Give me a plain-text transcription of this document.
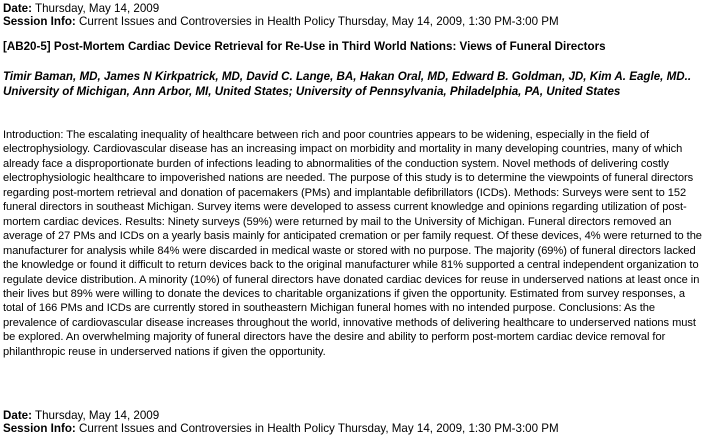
Date: Thursday, May 14, 2009
Session Info: Current Issues and Controversies in Health Policy Thursday, May 14, 2009, 1:30 PM-3:00 PM
[AB20-5] Post-Mortem Cardiac Device Retrieval for Re-Use in Third World Nations: Views of Funeral Directors
Timir Baman, MD, James N Kirkpatrick, MD, David C. Lange, BA, Hakan Oral, MD, Edward B. Goldman, JD, Kim A. Eagle, MD.. University of Michigan, Ann Arbor, MI, United States; University of Pennsylvania, Philadelphia, PA, United States
Introduction: The escalating inequality of healthcare between rich and poor countries appears to be widening, especially in the field of electrophysiology. Cardiovascular disease has an increasing impact on morbidity and mortality in many developing countries, many of which already face a disproportionate burden of infections leading to abnormalities of the conduction system. Novel methods of delivering costly electrophysiologic healthcare to impoverished nations are needed. The purpose of this study is to determine the viewpoints of funeral directors regarding post-mortem retrieval and donation of pacemakers (PMs) and implantable defibrillators (ICDs). Methods: Surveys were sent to 152 funeral directors in southeast Michigan. Survey items were developed to assess current knowledge and opinions regarding utilization of post-mortem cardiac devices. Results: Ninety surveys (59%) were returned by mail to the University of Michigan. Funeral directors removed an average of 27 PMs and ICDs on a yearly basis mainly for anticipated cremation or per family request. Of these devices, 4% were returned to the manufacturer for analysis while 84% were discarded in medical waste or stored with no purpose. The majority (69%) of funeral directors lacked the knowledge or found it difficult to return devices back to the original manufacturer while 81% supported a central independent organization to regulate device distribution. A minority (10%) of funeral directors have donated cardiac devices for reuse in underserved nations at least once in their lives but 89% were willing to donate the devices to charitable organizations if given the opportunity. Estimated from survey responses, a total of 166 PMs and ICDs are currently stored in southeastern Michigan funeral homes with no intended purpose. Conclusions: As the prevalence of cardiovascular disease increases throughout the world, innovative methods of delivering healthcare to underserved nations must be explored. An overwhelming majority of funeral directors have the desire and ability to perform post-mortem cardiac device removal for philanthropic reuse in underserved nations if given the opportunity.
Date: Thursday, May 14, 2009
Session Info: Current Issues and Controversies in Health Policy Thursday, May 14, 2009, 1:30 PM-3:00 PM
